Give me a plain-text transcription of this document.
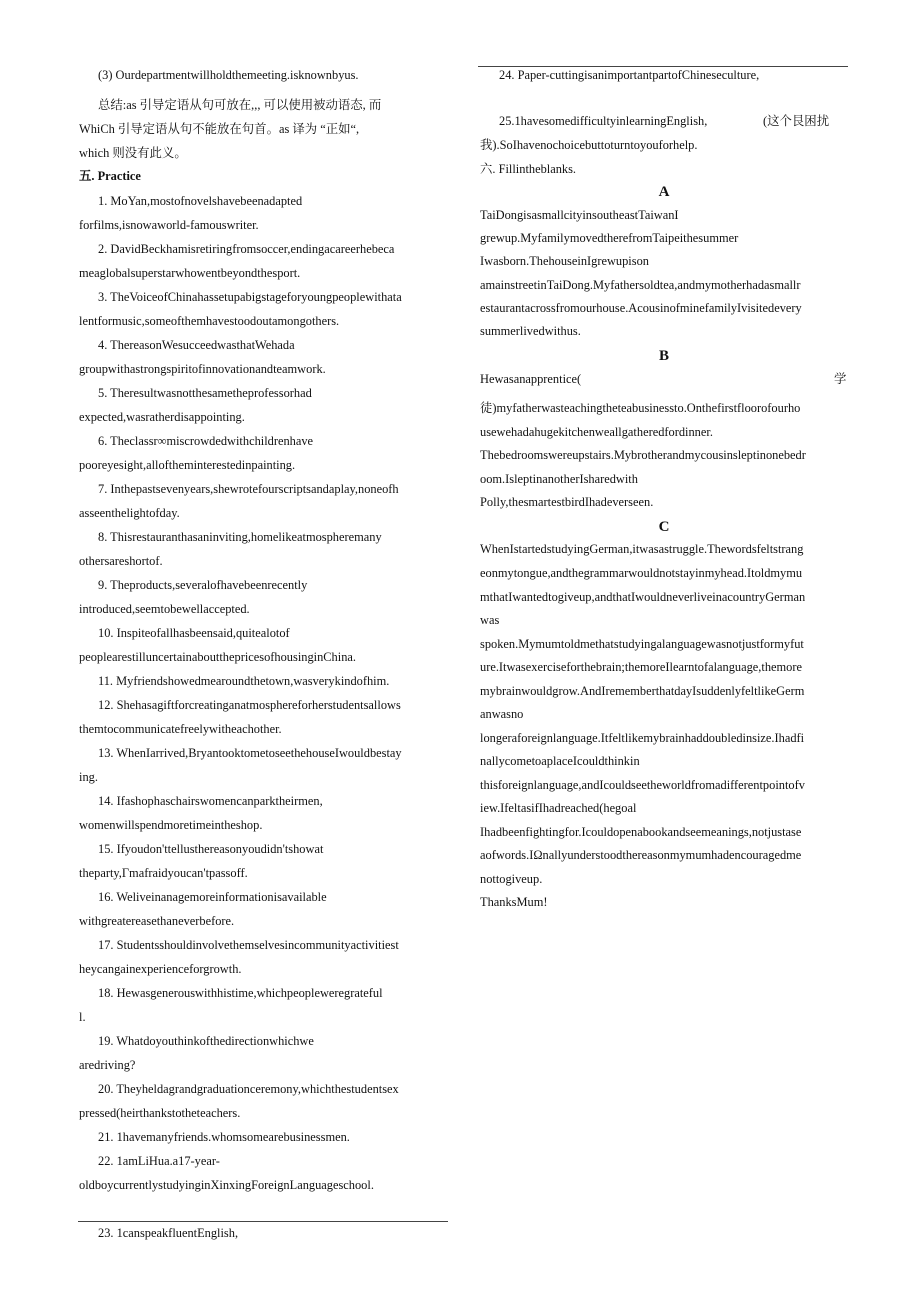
(3) Ourdepartmentwillholdthemeeting.isknownbyus.
总结:as 引导定语从句可放在,,, 可以使用被动语态, 而
WhiCh 引导定语从句不能放在句首。as 译为 “正如“,
which 则没有此义。
五. Practice
1. MoYan,mostofnovelshavebeenadapted
forfilms,isnowaworld-famouswriter.
2. DavidBeckhamisretiringfromsoccer,endingacareerhebeca
meaglobalsuperstarwhowentbeyondthesport.
3. TheVoiceofChinahassetupabigstageforyoungpeoplewithata
lentformusic,someofthemhavestoodoutamongothers.
4. ThereasonWesucceedwasthatWehada
groupwithastrongspiritofinnovationandteamwork.
5. Theresultwasnotthesametheprofessorhad
expected,wasratherdisappointing.
6. Theclassr∞miscrowdedwithchildrenhave
pooreyesight,alloftheminterestedinpainting.
7. Inthepastsevenyears,shewrotefourscriptsandaplay,noneofh
asseenthelightofday.
8. Thisrestauranthasaninviting,homelikeatmospheremany
othersareshortof.
9. Theproducts,severalofhavebeenrecently
introduced,seemtobewellaccepted.
10. Inspiteofallhasbeensaid,quitealotof
peoplearestilluncertainaboutthepricesofhousinginChina.
11. Myfriendshowedmearoundthetown,wasverykindofhim.
12. Shehasagiftforcreatinganatmosphereforherstudentsallows
themtocommunicatefreelywitheachother.
13. WhenIarrived,BryantooktometoseethehouseIwouldbestay
ing.
14. Ifashophaschairswomencanparktheirmen,
womenwillspendmoretimeintheshop.
15. Ifyoudon'ttellusthereasonyoudidn'tshowat
theparty,Γmafraidyoucan'tpassoff.
16. Weliveinanagemoreinformationisavailable
withgreatereasethaneverbefore.
17. Studentsshouldinvolvethemselvesincommunityactivitiest
heycangainexperienceforgrowth.
18. Hewasgenerouswithhistime,whichpeopleweregrateful
l.
19. Whatdoyouthinkofthedirectionwhichwe
aredriving?
20. Theyheldagrandgraduationceremony,whichthestudentsex
pressed(heirthankstotheteachers.
21. 1havemanyfriends.whomsomearebusinessmen.
22. 1amLiHua.a17-year-
oldboycurrentlystudyinginXinxingForeignLanguageschool.
23. 1canspeakfluentEnglish,
24. Paper-cuttingisanimportantpartofChineseculture,
25.1havesomedifficultyinlearningEnglish,	(这个艮困扰
我).SoIhavenochoicebuttoturntoyouforhelp.
六. Fillintheblanks.
A
TaiDongisasmallcityinsoutheastTaiwanI
grewup.MyfamilymovedtherefromTaipeithesummer
Iwasborn.ThehouseinIgrewupison
amainstreetinTaiDong.Myfathersoldtea,andmymotherhadasmallr
estaurantacrossfromourhouse.AcousinofminefamilyIvisitedevery
summerlivedwithus.
B
Hewasanapprentice(	学
徒)myfatherwasteachingtheteabusinessto.Onthefirstfloorofourho
usewehadahugekitchenweallgatheredfordinner.
Thebedroomswereupstairs.Mybrotherandmycousinsleptinonebedr
oom.IsleptinanotherIsharedwith
Polly,thesmartestbirdIhadeverseen.
C
WhenIstartedstudyingGerman,itwasastruggle.Thewordsfeltstrang
eonmytongue,andthegrammarwouldnotstayinmyhead.Itoldmymu
mthatIwantedtogiveup,andthatIwouldneverliveinacountryGerman
was
spoken.Mymumtoldmethatstudyingalanguagewasnotjustformyfut
ure.Itwasexerciseforthebrain;themoreIlearntofalanguage,themore
mybrainwouldgrow.AndIrememberthatdayIsuddenlyfeltlikeGerm
anwasno
longeraforeignlanguage.Itfeltlikemybrainhaddoubledinsize.Ihadfi
nallycometoaplaceIcouldthinkin
thisforeignlanguage,andIcouldseetheworldfromadifferentpointofv
iew.IfeltasifIhadreached(hegoal
Ihadbeenfightingfor.Icouldopenabookandseemeanings,notjustase
aofwords.IΩnallyunderstoodthereasonmymumhadencouragedme
nottogiveup.
ThanksMum!
